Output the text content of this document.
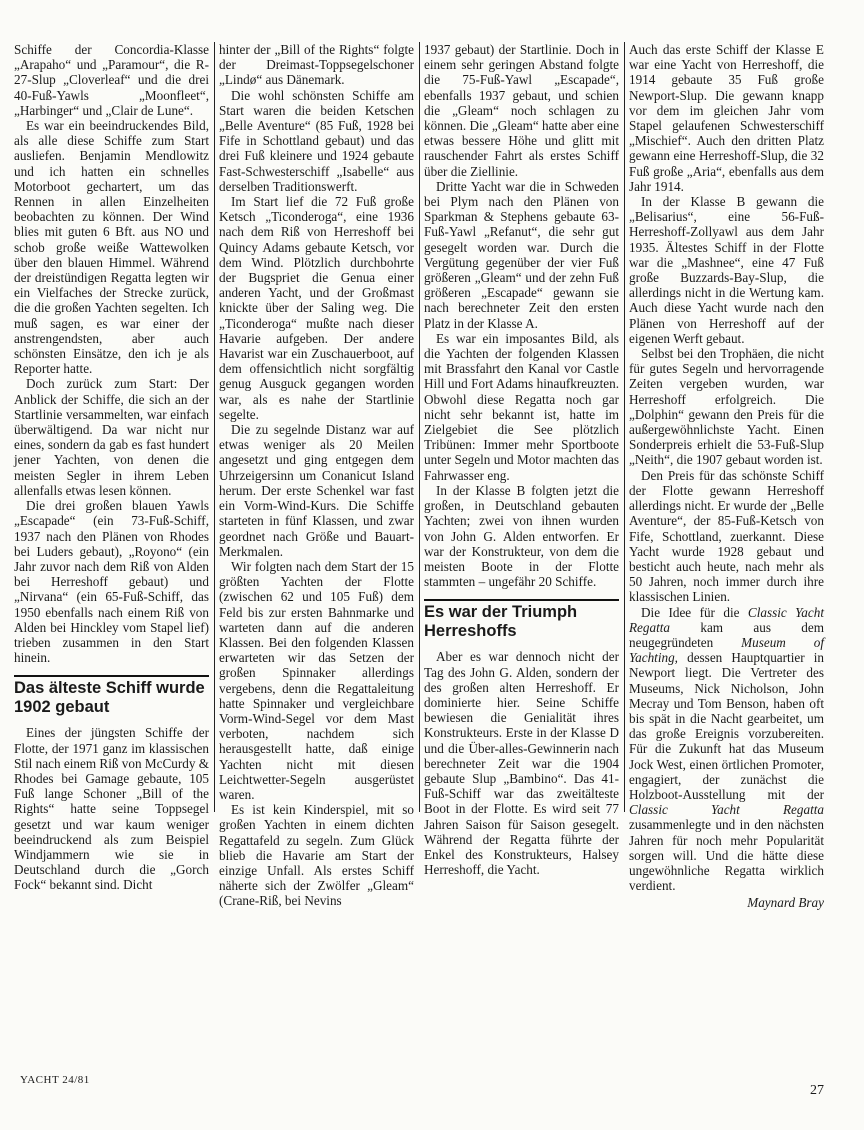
Schiffe der Concordia-Klasse „Arapaho“ und „Paramour“, die R-27-Slup „Cloverleaf“ und die drei 40-Fuß-Yawls „Moonfleet“, „Harbinger“ und „Clair de Lune“.

Es war ein beeindruckendes Bild, als alle diese Schiffe zum Start ausliefen. Benjamin Mendlowitz und ich hatten ein schnelles Motorboot gechartert, um das Rennen in allen Einzelheiten beobachten zu können. Der Wind blies mit guten 6 Bft. aus NO und schob große weiße Wattewolken über den blauen Himmel. Während der dreistündigen Regatta legten wir ein Vielfaches der Strecke zurück, die die großen Yachten segelten. Ich muß sagen, es war einer der anstrengendsten, aber auch schönsten Einsätze, den ich je als Reporter hatte.

Doch zurück zum Start: Der Anblick der Schiffe, die sich an der Startlinie versammelten, war einfach überwältigend. Da war nicht nur eines, sondern da gab es fast hundert jener Yachten, von denen die meisten Segler in ihrem Leben allenfalls etwas lesen können.

Die drei großen blauen Yawls „Escapade“ (ein 73-Fuß-Schiff, 1937 nach den Plänen von Rhodes bei Luders gebaut), „Royono“ (ein Jahr zuvor nach dem Riß von Alden bei Herreshoff gebaut) und „Nirvana“ (ein 65-Fuß-Schiff, das 1950 ebenfalls nach einem Riß von Alden bei Hinckley vom Stapel lief) trieben zusammen in den Start hinein.

Das älteste Schiff wurde 1902 gebaut

Eines der jüngsten Schiffe der Flotte, der 1971 ganz im klassischen Stil nach einem Riß von McCurdy & Rhodes bei Gamage gebaute, 105 Fuß lange Schoner „Bill of the Rights“ hatte seine Toppsegel gesetzt und war kaum weniger beeindruckend als zum Beispiel Windjammern wie sie in Deutschland durch die „Gorch Fock“ bekannt sind. Dicht

hinter der „Bill of the Rights“ folgte der Dreimast-Toppsegelschoner „Lindø“ aus Dänemark.

Die wohl schönsten Schiffe am Start waren die beiden Ketschen „Belle Aventure“ (85 Fuß, 1928 bei Fife in Schottland gebaut) und das drei Fuß kleinere und 1924 gebaute Fast-Schwesterschiff „Isabelle“ aus derselben Traditionswerft.

Im Start lief die 72 Fuß große Ketsch „Ticonderoga“, eine 1936 nach dem Riß von Herreshoff bei Quincy Adams gebaute Ketsch, vor dem Wind. Plötzlich durchbohrte der Bugspriet die Genua einer anderen Yacht, und der Großmast knickte über der Saling weg. Die „Ticonderoga“ mußte nach dieser Havarie aufgeben. Der andere Havarist war ein Zuschauerboot, auf dem offensichtlich nicht sorgfältig genug Ausguck gegangen worden war, als es nahe der Startlinie segelte.

Die zu segelnde Distanz war auf etwas weniger als 20 Meilen angesetzt und ging entgegen dem Uhrzeigersinn um Conanicut Island herum. Der erste Schenkel war fast ein Vorm-Wind-Kurs. Die Schiffe starteten in fünf Klassen, und zwar geordnet nach Größe und Bauart-Merkmalen.

Wir folgten nach dem Start der 15 größten Yachten der Flotte (zwischen 62 und 105 Fuß) dem Feld bis zur ersten Bahnmarke und warteten dann auf die anderen Klassen. Bei den folgenden Klassen erwarteten wir das Setzen der großen Spinnaker allerdings vergebens, denn die Regattaleitung hatte Spinnaker und vergleichbare Vorm-Wind-Segel vor dem Mast verboten, nachdem sich herausgestellt hatte, daß einige Yachten nicht mit diesen Leichtwetter-Segeln ausgerüstet waren.

Es ist kein Kinderspiel, mit so großen Yachten in einem dichten Regattafeld zu segeln. Zum Glück blieb die Havarie am Start der einzige Unfall. Als erstes Schiff näherte sich der Zwölfer „Gleam“ (Crane-Riß, bei Nevins

1937 gebaut) der Startlinie. Doch in einem sehr geringen Abstand folgte die 75-Fuß-Yawl „Escapade“, ebenfalls 1937 gebaut, und schien die „Gleam“ noch schlagen zu können. Die „Gleam“ hatte aber eine etwas bessere Höhe und glitt mit rauschender Fahrt als erstes Schiff über die Ziellinie.

Dritte Yacht war die in Schweden bei Plym nach den Plänen von Sparkman & Stephens gebaute 63-Fuß-Yawl „Refanut“, die sehr gut gesegelt worden war. Durch die Vergütung gegenüber der vier Fuß größeren „Gleam“ und der zehn Fuß größeren „Escapade“ gewann sie nach berechneter Zeit den ersten Platz in der Klasse A.

Es war ein imposantes Bild, als die Yachten der folgenden Klassen mit Brassfahrt den Kanal vor Castle Hill und Fort Adams hinaufkreuzten. Obwohl diese Regatta noch gar nicht sehr bekannt ist, hatte im Zielgebiet die See plötzlich Tribünen: Immer mehr Sportboote unter Segeln und Motor machten das Fahrwasser eng.

In der Klasse B folgten jetzt die großen, in Deutschland gebauten Yachten; zwei von ihnen wurden von John G. Alden entworfen. Er war der Konstrukteur, von dem die meisten Boote in der Flotte stammten – ungefähr 20 Schiffe.

Es war der Triumph Herreshoffs

Aber es war dennoch nicht der Tag des John G. Alden, sondern der des großen alten Herreshoff. Er dominierte hier. Seine Schiffe bewiesen die Genialität ihres Konstrukteurs. Erste in der Klasse D und die Über-alles-Gewinnerin nach berechneter Zeit war die 1904 gebaute Slup „Bambino“. Das 41-Fuß-Schiff war das zweitälteste Boot in der Flotte. Es wird seit 77 Jahren Saison für Saison gesegelt. Während der Regatta führte der Enkel des Konstrukteurs, Halsey Herreshoff, die Yacht.

Auch das erste Schiff der Klasse E war eine Yacht von Herreshoff, die 1914 gebaute 35 Fuß große Newport-Slup. Die gewann knapp vor dem im gleichen Jahr vom Stapel gelaufenen Schwesterschiff „Mischief“. Auch den dritten Platz gewann eine Herreshoff-Slup, die 32 Fuß große „Aria“, ebenfalls aus dem Jahr 1914.

In der Klasse B gewann die „Belisarius“, eine 56-Fuß-Herreshoff-Zollyawl aus dem Jahr 1935. Ältestes Schiff in der Flotte war die „Mashnee“, eine 47 Fuß große Buzzards-Bay-Slup, die allerdings nicht in die Wertung kam. Auch diese Yacht wurde nach den Plänen von Herreshoff auf der eigenen Werft gebaut.

Selbst bei den Trophäen, die nicht für gutes Segeln und hervorragende Zeiten vergeben wurden, war Herreshoff erfolgreich. Die „Dolphin“ gewann den Preis für die außergewöhnlichste Yacht. Einen Sonderpreis erhielt die 53-Fuß-Slup „Neith“, die 1907 gebaut worden ist.

Den Preis für das schönste Schiff der Flotte gewann Herreshoff allerdings nicht. Er wurde der „Belle Aventure“, der 85-Fuß-Ketsch von Fife, Schottland, zuerkannt. Diese Yacht wurde 1928 gebaut und besticht auch heute, nach mehr als 50 Jahren, noch immer durch ihre klassischen Linien.

Die Idee für die Classic Yacht Regatta kam aus dem neugegründeten Museum of Yachting, dessen Hauptquartier in Newport liegt. Die Vertreter des Museums, Nick Nicholson, John Mecray und Tom Benson, haben oft bis spät in die Nacht gearbeitet, um das große Ereignis vorzubereiten. Für die Zukunft hat das Museum Jock West, einen örtlichen Promoter, engagiert, der zunächst die Holzboot-Ausstellung mit der Classic Yacht Regatta zusammenlegte und in den nächsten Jahren für noch mehr Popularität sorgen will. Und die hätte diese ungewöhnliche Regatta wirklich verdient.

Maynard Bray
YACHT 24/81
27
